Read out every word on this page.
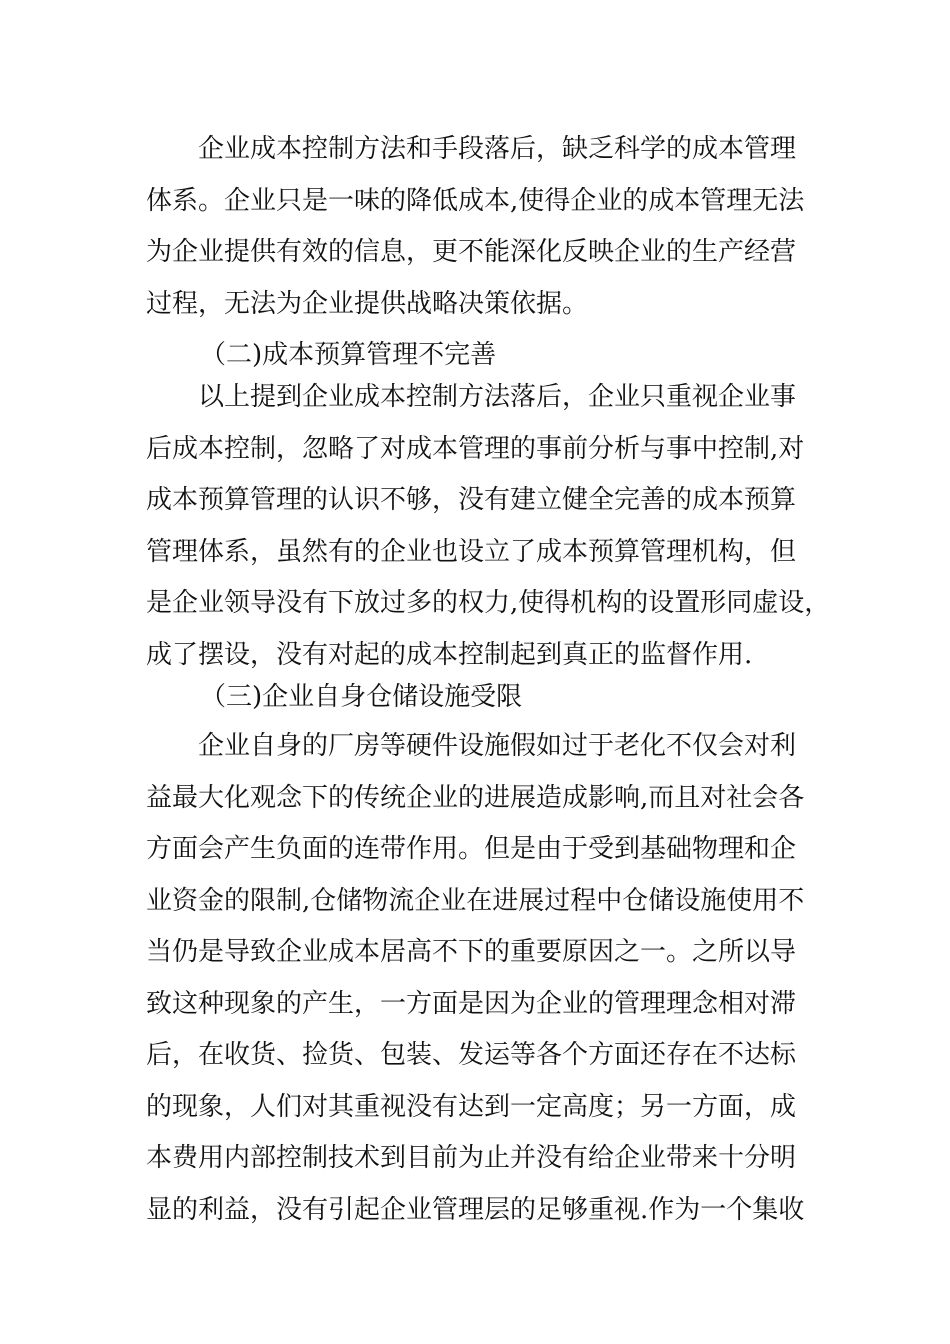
企业成本控制方法和手段落后，缺乏科学的成本管理
体系。企业只是一味的降低成本,使得企业的成本管理无法
为企业提供有效的信息，更不能深化反映企业的生产经营
过程，无法为企业提供战略决策依据。

（二)成本预算管理不完善

以上提到企业成本控制方法落后，企业只重视企业事
后成本控制，忽略了对成本管理的事前分析与事中控制,对
成本预算管理的认识不够，没有建立健全完善的成本预算
管理体系，虽然有的企业也设立了成本预算管理机构，但
是企业领导没有下放过多的权力,使得机构的设置形同虚设，
成了摆设，没有对起的成本控制起到真正的监督作用.

（三)企业自身仓储设施受限

企业自身的厂房等硬件设施假如过于老化不仅会对利
益最大化观念下的传统企业的进展造成影响,而且对社会各
方面会产生负面的连带作用。但是由于受到基础物理和企
业资金的限制,仓储物流企业在进展过程中仓储设施使用不
当仍是导致企业成本居高不下的重要原因之一。之所以导
致这种现象的产生，一方面是因为企业的管理理念相对滞
后，在收货、捡货、包装、发运等各个方面还存在不达标
的现象，人们对其重视没有达到一定高度；另一方面，成
本费用内部控制技术到目前为止并没有给企业带来十分明
显的利益，没有引起企业管理层的足够重视.作为一个集收
